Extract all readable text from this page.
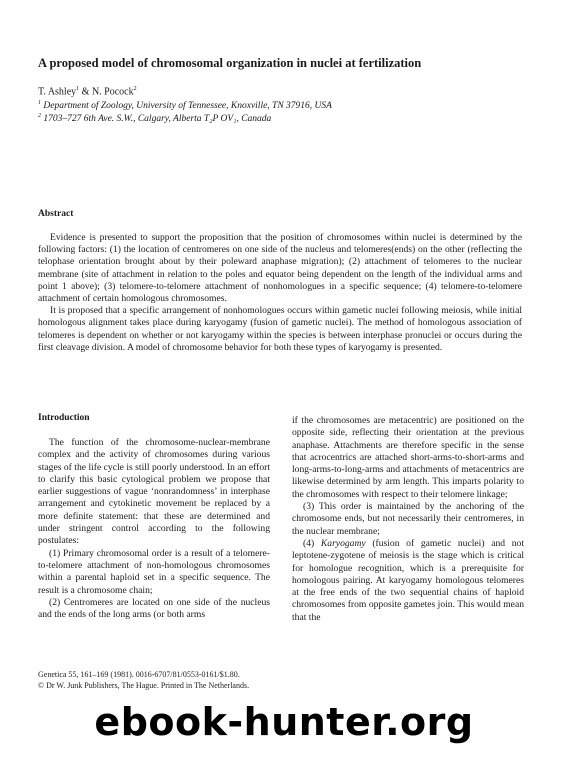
A proposed model of chromosomal organization in nuclei at fertilization
T. Ashley$^1$ & N. Pocock$^2$
$^1$ Department of Zoology, University of Tennessee, Knoxville, TN 37916, USA
$^2$ 1703–727 6th Ave. S.W., Calgary, Alberta T₂P OV₁, Canada
Abstract

Evidence is presented to support the proposition that the position of chromosomes within nuclei is determined by the following factors: (1) the location of centromeres on one side of the nucleus and telomeres(ends) on the other (reflecting the telophase orientation brought about by their poleward anaphase migration); (2) attachment of telomeres to the nuclear membrane (site of attachment in relation to the poles and equator being dependent on the length of the individual arms and point 1 above); (3) telomere-to-telomere attachment of nonhomologues in a specific sequence; (4) telomere-to-telomere attachment of certain homologous chromosomes.

It is proposed that a specific arrangement of nonhomologues occurs within gametic nuclei following meiosis, while initial homologous alignment takes place during karyogamy (fusion of gametic nuclei). The method of homologous association of telomeres is dependent on whether or not karyogamy within the species is between interphase pronuclei or occurs during the first cleavage division. A model of chromosome behavior for both these types of karyogamy is presented.

Introduction

The function of the chromosome-nuclear-membrane complex and the activity of chromosomes during various stages of the life cycle is still poorly understood. In an effort to clarify this basic cytological problem we propose that earlier suggestions of vague ‘nonrandomness’ in interphase arrangement and cytokinetic movement be replaced by a more definite statement: that these are determined and under stringent control according to the following postulates:

(1) Primary chromosomal order is a result of a telomere-to-telomere attachment of non-homologous chromosomes within a parental haploid set in a specific sequence. The result is a chromosome chain;

(2) Centromeres are located on one side of the nucleus and the ends of the long arms (or both arms

if the chromosomes are metacentric) are positioned on the opposite side, reflecting their orientation at the previous anaphase. Attachments are therefore specific in the sense that acrocentrics are attached short-arms-to-short-arms and long-arms-to-long-arms and attachments of metacentrics are likewise determined by arm length. This imparts polarity to the chromosomes with respect to their telomere linkage;

(3) This order is maintained by the anchoring of the chromosome ends, but not necessarily their centromeres, in the nuclear membrane;

(4) Karyogamy (fusion of gametic nuclei) and not leptotene-zygotene of meiosis is the stage which is critical for homologue recognition, which is a prerequisite for homologous pairing. At karyogamy homologous telomeres at the free ends of the two sequential chains of haploid chromosomes from opposite gametes join. This would mean that the

Genetica 55, 161–169 (1981). 0016-6707/81/0553-0161/$1.80.
© Dr W. Junk Publishers, The Hague. Printed in The Netherlands.
ebook-hunter.org
